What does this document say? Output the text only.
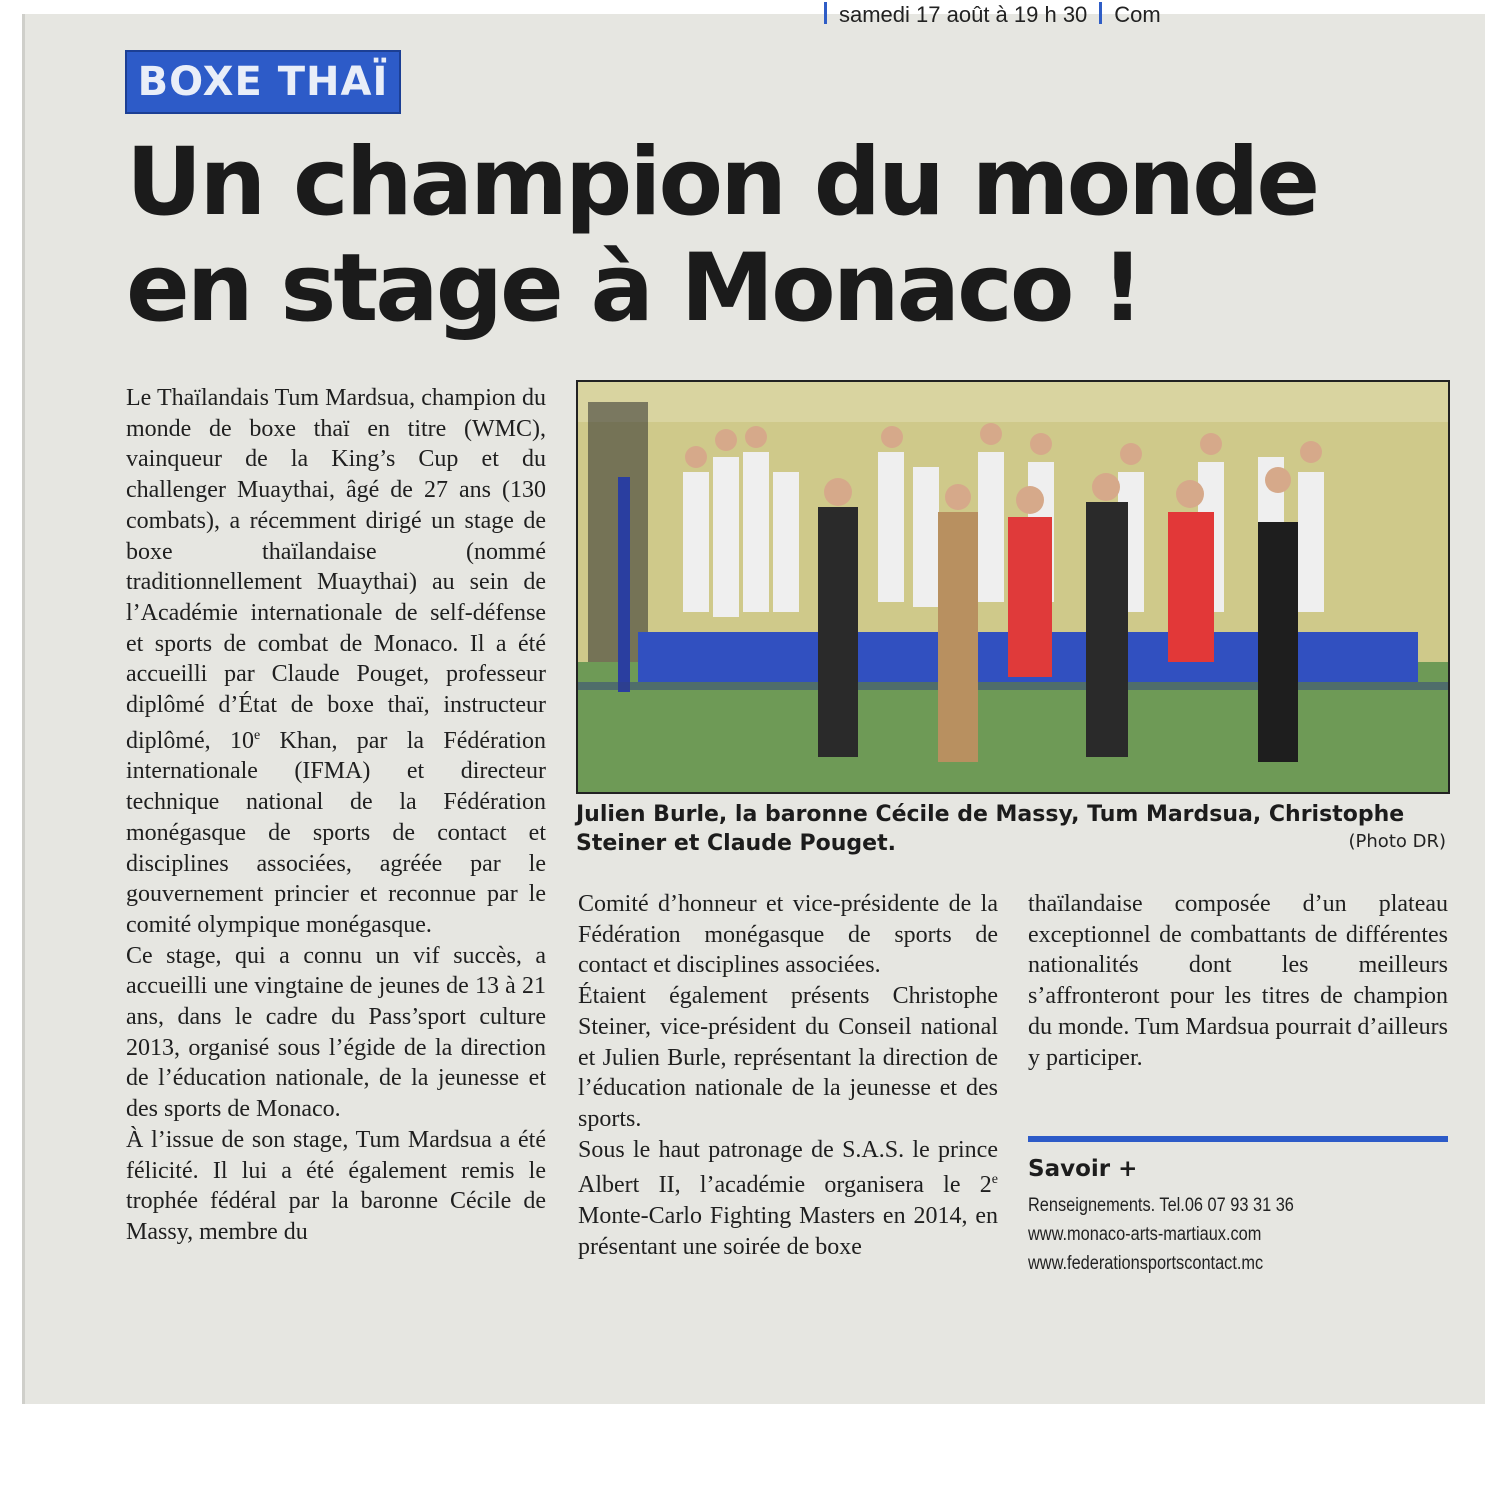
samedi 17 août à 19 h 30 Com
BOXE THAÏ
Un champion du monde
en stage à Monaco !

Le Thaïlandais Tum Mardsua, champion du monde de boxe thaï en titre (WMC), vainqueur de la King’s Cup et du challenger Muaythai, âgé de 27 ans (130 combats), a récemment dirigé un stage de boxe thaïlandaise (nommé traditionnellement Muaythai) au sein de l’Académie internationale de self-défense et sports de combat de Monaco. Il a été accueilli par Claude Pouget, professeur diplômé d’État de boxe thaï, instructeur diplômé, 10e Khan, par la Fédération internationale (IFMA) et directeur technique national de la Fédération monégasque de sports de contact et disciplines associées, agréée par le gouvernement princier et reconnue par le comité olympique monégasque.

Ce stage, qui a connu un vif succès, a accueilli une vingtaine de jeunes de 13 à 21 ans, dans le cadre du Pass’sport culture 2013, organisé sous l’égide de la direction de l’éducation nationale, de la jeunesse et des sports de Monaco.

À l’issue de son stage, Tum Mardsua a été félicité. Il lui a été également remis le trophée fédéral par la baronne Cécile de Massy, membre du

Julien Burle, la baronne Cécile de Massy, Tum Mardsua, Christophe Steiner et Claude Pouget.	(Photo DR)

Comité d’honneur et vice-présidente de la Fédération monégasque de sports de contact et disciplines associées.

Étaient également présents Christophe Steiner, vice-président du Conseil national et Julien Burle, représentant la direction de l’éducation nationale de la jeunesse et des sports.

Sous le haut patronage de S.A.S. le prince Albert II, l’académie organisera le 2e Monte-Carlo Fighting Masters en 2014, en présentant une soirée de boxe

thaïlandaise composée d’un plateau exceptionnel de combattants de différentes nationalités dont les meilleurs s’affronteront pour les titres de champion du monde. Tum Mardsua pourrait d’ailleurs y participer.

Savoir +
Renseignements. Tel.06 07 93 31 36
www.monaco-arts-martiaux.com
www.federationsportscontact.mc
